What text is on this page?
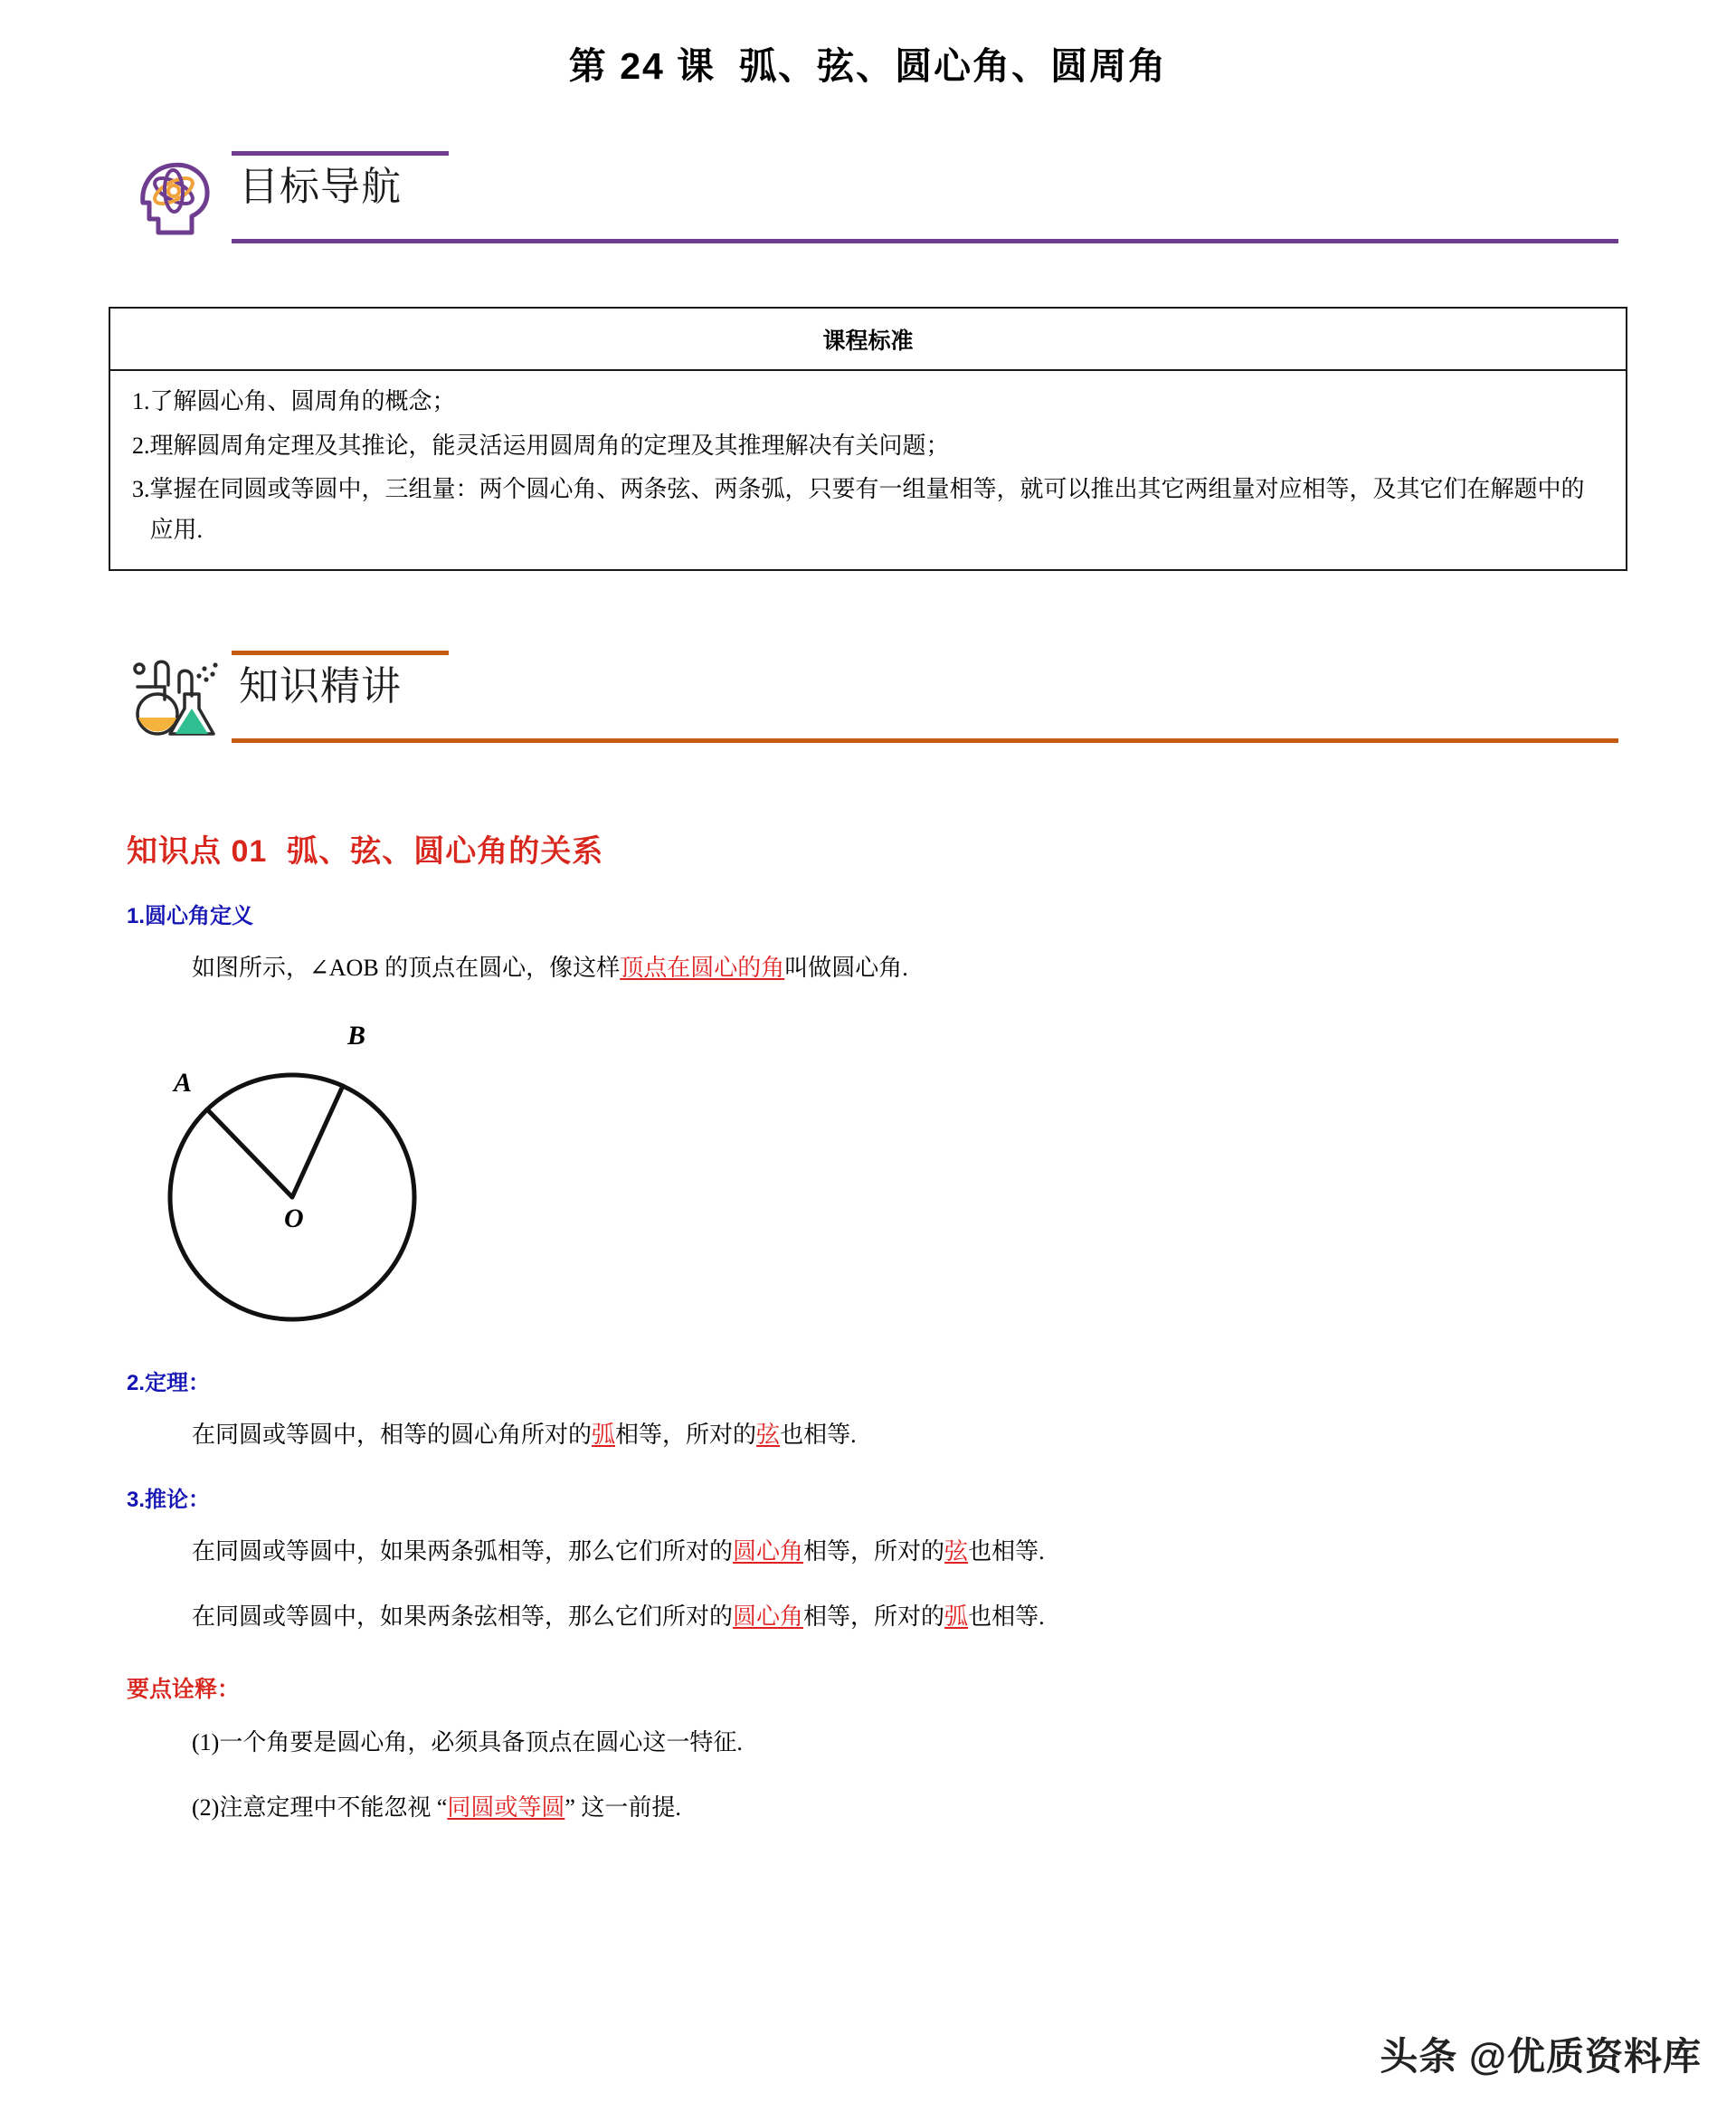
第 24 课 弧、弦、圆心角、圆周角
目标导航
课程标准
1. 了解圆心角、圆周角的概念；
2. 理解圆周角定理及其推论，能灵活运用圆周角的定理及其推理解决有关问题；
3. 掌握在同圆或等圆中，三组量：两个圆心角、两条弦、两条弧，只要有一组量相等，就可以推出其它两组量对应相等，及其它们在解题中的应用.
知识精讲
知识点 01 弧、弦、圆心角的关系
1.圆心角定义
如图所示，∠AOB 的顶点在圆心，像这样顶点在圆心的角叫做圆心角.
A
B
O
2.定理：
在同圆或等圆中，相等的圆心角所对的弧相等，所对的弦也相等.
3.推论：
在同圆或等圆中，如果两条弧相等，那么它们所对的圆心角相等，所对的弦也相等.
在同圆或等圆中，如果两条弦相等，那么它们所对的圆心角相等，所对的弧也相等.
要点诠释：
(1)一个角要是圆心角，必须具备顶点在圆心这一特征.
(2)注意定理中不能忽视 “同圆或等圆” 这一前提.
头条 @优质资料库
